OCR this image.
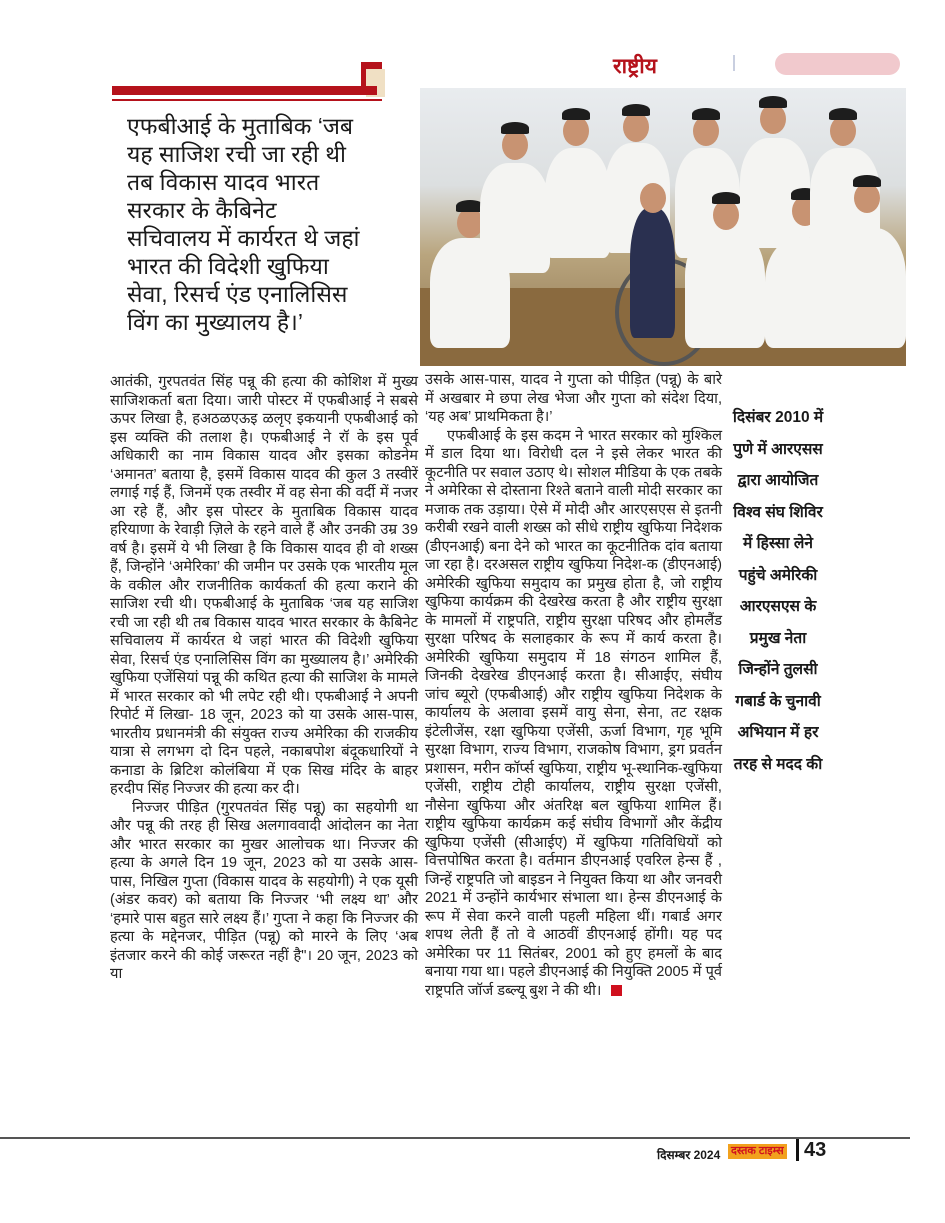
राष्ट्रीय
एफबीआई के मुताबिक ‘जब
यह साजिश रची जा रही थी
तब विकास यादव भारत
सरकार के कैबिनेट
सचिवालय में कार्यरत थे जहां
भारत की विदेशी खुफिया
सेवा, रिसर्च एंड एनालिसिस
विंग का मुख्यालय है।’

आतंकी, गुरपतवंत सिंह पन्नू की हत्या की कोशिश में मुख्य साजिशकर्ता बता दिया। जारी पोस्टर में एफबीआई ने सबसे ऊपर लिखा है, हअठळएऊइ ळलृए इकयानी एफबीआई को इस व्यक्ति की तलाश है। एफबीआई ने रॉ के इस पूर्व अधिकारी का नाम विकास यादव और इसका कोडनेम ‘अमानत’ बताया है, इसमें विकास यादव की कुल 3 तस्वीरें लगाई गई हैं, जिनमें एक तस्वीर में वह सेना की वर्दी में नजर आ रहे हैं, और इस पोस्टर के मुताबिक विकास यादव हरियाणा के रेवाड़ी ज़िले के रहने वाले हैं और उनकी उम्र 39 वर्ष है। इसमें ये भी लिखा है कि विकास यादव ही वो शख्स हैं, जिन्होंने ‘अमेरिका’ की जमीन पर उसके एक भारतीय मूल के वकील और राजनीतिक कार्यकर्ता की हत्या कराने की साजिश रची थी। एफबीआई के मुताबिक ‘जब यह साजिश रची जा रही थी तब विकास यादव भारत सरकार के कैबिनेट सचिवालय में कार्यरत थे जहां भारत की विदेशी खुफिया सेवा, रिसर्च एंड एनालिसिस विंग का मुख्यालय है।’ अमेरिकी खुफिया एजेंसियां पन्नू की कथित हत्या की साजिश के मामले में भारत सरकार को भी लपेट रही थी। एफबीआई ने अपनी रिपोर्ट में लिखा- 18 जून, 2023 को या उसके आस-पास, भारतीय प्रधानमंत्री की संयुक्त राज्य अमेरिका की राजकीय यात्रा से लगभग दो दिन पहले, नकाबपोश बंदूकधारियों ने कनाडा के ब्रिटिश कोलंबिया में एक सिख मंदिर के बाहर हरदीप सिंह निज्जर की हत्या कर दी।

निज्जर पीड़ित (गुरपतवंत सिंह पन्नू) का सहयोगी था और पन्नू की तरह ही सिख अलगाववादी आंदोलन का नेता और भारत सरकार का मुखर आलोचक था। निज्जर की हत्या के अगले दिन 19 जून, 2023 को या उसके आस-पास, निखिल गुप्ता (विकास यादव के सहयोगी) ने एक यूसी (अंडर कवर) को बताया कि निज्जर ‘भी लक्ष्य था’ और ‘हमारे पास बहुत सारे लक्ष्य हैं।’ गुप्ता ने कहा कि निज्जर की हत्या के मद्देनजर, पीड़ित (पन्नू) को मारने के लिए ‘अब इंतजार करने की कोई जरूरत नहीं है"। 20 जून, 2023 को या

उसके आस-पास, यादव ने गुप्ता को पीड़ित (पन्नू) के बारे में अखबार मे छपा लेख भेजा और गुप्ता को संदेश दिया, ‘यह अब’ प्राथमिकता है।’

एफबीआई के इस कदम ने भारत सरकार को मुश्किल में डाल दिया था। विरोधी दल ने इसे लेकर भारत की कूटनीति पर सवाल उठाए थे। सोशल मीडिया के एक तबके ने अमेरिका से दोस्ताना रिश्ते बताने वाली मोदी सरकार का मजाक तक उड़ाया। ऐसे में मोदी और आरएसएस से इतनी करीबी रखने वाली शख्स को सीधे राष्ट्रीय खुफिया निदेशक (डीएनआई) बना देने को भारत का कूटनीतिक दांव बताया जा रहा है। दरअसल राष्ट्रीय खुफिया निदेश-क (डीएनआई) अमेरिकी खुफिया समुदाय का प्रमुख होता है, जो राष्ट्रीय खुफिया कार्यक्रम की देखरेख करता है और राष्ट्रीय सुरक्षा के मामलों में राष्ट्रपति, राष्ट्रीय सुरक्षा परिषद और होमलैंड सुरक्षा परिषद के सलाहकार के रूप में कार्य करता है। अमेरिकी खुफिया समुदाय में 18 संगठन शामिल हैं, जिनकी देखरेख डीएनआई करता है। सीआईए, संघीय जांच ब्यूरो (एफबीआई) और राष्ट्रीय खुफिया निदेशक के कार्यालय के अलावा इसमें वायु सेना, सेना, तट रक्षक इंटेलीजेंस, रक्षा खुफिया एजेंसी, ऊर्जा विभाग, गृह भूमि सुरक्षा विभाग, राज्य विभाग, राजकोष विभाग, ड्रग प्रवर्तन प्रशासन, मरीन कॉर्प्स खुफिया, राष्ट्रीय भू-स्थानिक-खुफिया एजेंसी, राष्ट्रीय टोही कार्यालय, राष्ट्रीय सुरक्षा एजेंसी, नौसेना खुफिया और अंतरिक्ष बल खुफिया शामिल हैं। राष्ट्रीय खुफिया कार्यक्रम कई संघीय विभागों और केंद्रीय खुफिया एजेंसी (सीआईए) में खुफिया गतिविधियों को वित्तपोषित करता है। वर्तमान डीएनआई एवरिल हेन्स हैं , जिन्हें राष्ट्रपति जो बाइडन ने नियुक्त किया था और जनवरी 2021 में उन्होंने कार्यभार संभाला था। हेन्स डीएनआई के रूप में सेवा करने वाली पहली महिला थीं। गबार्ड अगर शपथ लेती हैं तो वे आठवीं डीएनआई होंगी। यह पद अमेरिका पर 11 सितंबर, 2001 को हुए हमलों के बाद बनाया गया था। पहले डीएनआई की नियुक्ति 2005 में पूर्व राष्ट्रपति जॉर्ज डब्ल्यू बुश ने की थी।

दिसंबर 2010 में
पुणे में आरएसस
द्वारा आयोजित
विश्व संघ शिविर
में हिस्सा लेने
पहुंचे अमेरिकी
आरएसएस के
प्रमुख नेता
जिन्होंने तुलसी
गबार्ड के चुनावी
अभियान में हर
तरह से मदद की
दिसम्बर 2024 दस्तक टाइम्स 43
